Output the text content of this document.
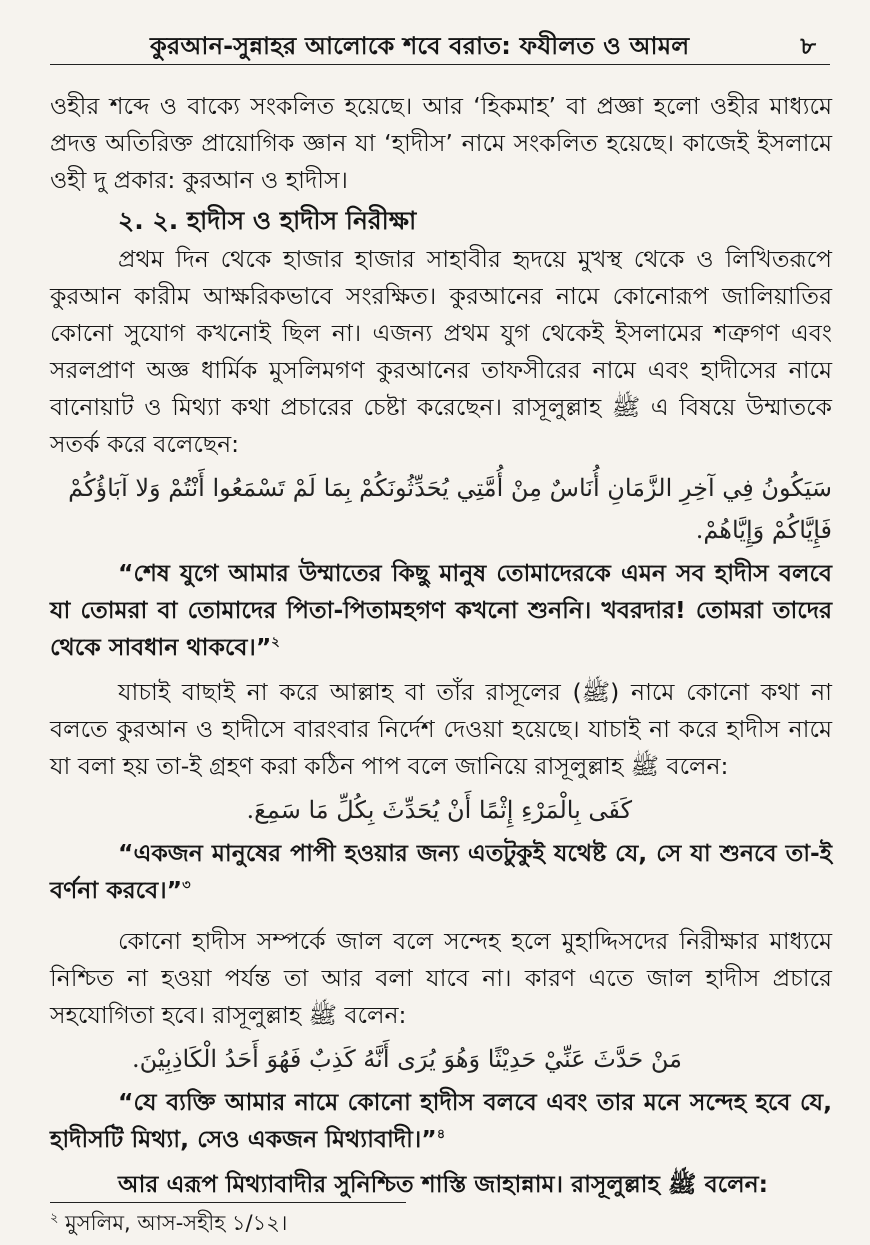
কুরআন-সুন্নাহর আলোকে শবে বরাত: ফযীলত ও আমল	৮

ওহীর শব্দে ও বাক্যে সংকলিত হয়েছে। আর ‘হিকমাহ’ বা প্রজ্ঞা হলো ওহীর মাধ্যমে প্রদত্ত অতিরিক্ত প্রায়োগিক জ্ঞান যা ‘হাদীস’ নামে সংকলিত হয়েছে। কাজেই ইসলামে ওহী দু প্রকার: কুরআন ও হাদীস।

২. ২. হাদীস ও হাদীস নিরীক্ষা

প্রথম দিন থেকে হাজার হাজার সাহাবীর হৃদয়ে মুখস্থ থেকে ও লিখিতরূপে কুরআন কারীম আক্ষরিকভাবে সংরক্ষিত। কুরআনের নামে কোনোরূপ জালিয়াতির কোনো সুযোগ কখনোই ছিল না। এজন্য প্রথম যুগ থেকেই ইসলামের শত্রুগণ এবং সরলপ্রাণ অজ্ঞ ধার্মিক মুসলিমগণ কুরআনের তাফসীরের নামে এবং হাদীসের নামে বানোয়াট ও মিথ্যা কথা প্রচারের চেষ্টা করেছেন। রাসূলুল্লাহ ﷺ এ বিষয়ে উম্মাতকে সতর্ক করে বলেছেন:

سَيَكُونُ فِي آخِرِ الزَّمَانِ أُنَاسٌ مِنْ أُمَّتِي يُحَدِّثُونَكُمْ بِمَا لَمْ تَسْمَعُوا أَنْتُمْ وَلا آبَاؤُكُمْ فَإِيَّاكُمْ وَإِيَّاهُمْ.

“শেষ যুগে আমার উম্মাতের কিছু মানুষ তোমাদেরকে এমন সব হাদীস বলবে যা তোমরা বা তোমাদের পিতা-পিতামহগণ কখনো শুননি। খবরদার! তোমরা তাদের থেকে সাবধান থাকবে।”$^২$

যাচাই বাছাই না করে আল্লাহ বা তাঁর রাসূলের (ﷺ) নামে কোনো কথা না বলতে কুরআন ও হাদীসে বারংবার নির্দেশ দেওয়া হয়েছে। যাচাই না করে হাদীস নামে যা বলা হয় তা-ই গ্রহণ করা কঠিন পাপ বলে জানিয়ে রাসূলুল্লাহ ﷺ বলেন:

كَفَى بِالْمَرْءِ إِثْمًا أَنْ يُحَدِّثَ بِكُلِّ مَا سَمِعَ.

“একজন মানুষের পাপী হওয়ার জন্য এতটুকুই যথেষ্ট যে, সে যা শুনবে তা-ই বর্ণনা করবে।”$^৩$

কোনো হাদীস সম্পর্কে জাল বলে সন্দেহ হলে মুহাদ্দিসদের নিরীক্ষার মাধ্যমে নিশ্চিত না হওয়া পর্যন্ত তা আর বলা যাবে না। কারণ এতে জাল হাদীস প্রচারে সহযোগিতা হবে। রাসূলুল্লাহ ﷺ বলেন:

مَنْ حَدَّثَ عَنِّيْ حَدِيْثًا وَهُوَ يُرَى أَنَّهُ كَذِبٌ فَهُوَ أَحَدُ الْكَاذِبِيْنَ.

“যে ব্যক্তি আমার নামে কোনো হাদীস বলবে এবং তার মনে সন্দেহ হবে যে, হাদীসটি মিথ্যা, সেও একজন মিথ্যাবাদী।”$^৪$

আর এরূপ মিথ্যাবাদীর সুনিশ্চিত শাস্তি জাহান্নাম। রাসূলুল্লাহ ﷺ বলেন:

$^২$ মুসলিম, আস-সহীহ ১/১২।
